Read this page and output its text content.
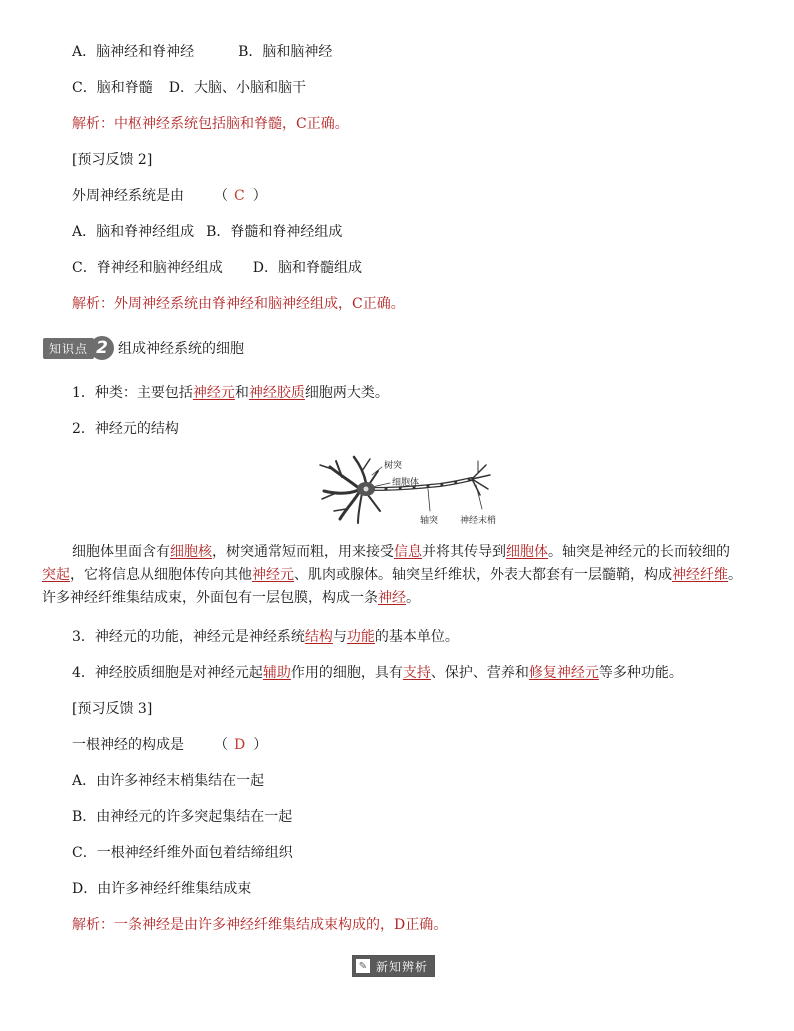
A．脑神经和脊神经	B．脑和脑神经
C．脑和脊髓 D．大脑、小脑和脑干
解析：中枢神经系统包括脑和脊髓，C正确。
[预习反馈 2]
外周神经系统是由 （ C ）
A．脑和脊神经组成 B．脊髓和脊神经组成
C．脊神经和脑神经组成 D．脑和脊髓组成
解析：外周神经系统由脊神经和脑神经组成，C正确。
知识点 2 组成神经系统的细胞
1．种类：主要包括神经元和神经胶质细胞两大类。
2．神经元的结构
树突
细胞体
轴突 神经末梢
细胞体里面含有细胞核，树突通常短而粗，用来接受信息并将其传导到细胞体。轴突是神经元的长而较细的突起，它将信息从细胞体传向其他神经元、肌肉或腺体。轴突呈纤维状，外表大都套有一层髓鞘，构成神经纤维。许多神经纤维集结成束，外面包有一层包膜，构成一条神经。
3．神经元的功能，神经元是神经系统结构与功能的基本单位。
4．神经胶质细胞是对神经元起辅助作用的细胞，具有支持、保护、营养和修复神经元等多种功能。
[预习反馈 3]
一根神经的构成是 （ D ）
A．由许多神经末梢集结在一起
B．由神经元的许多突起集结在一起
C．一根神经纤维外面包着结缔组织
D．由许多神经纤维集结成束
解析：一条神经是由许多神经纤维集结成束构成的，D正确。
✎ 新知辨析
